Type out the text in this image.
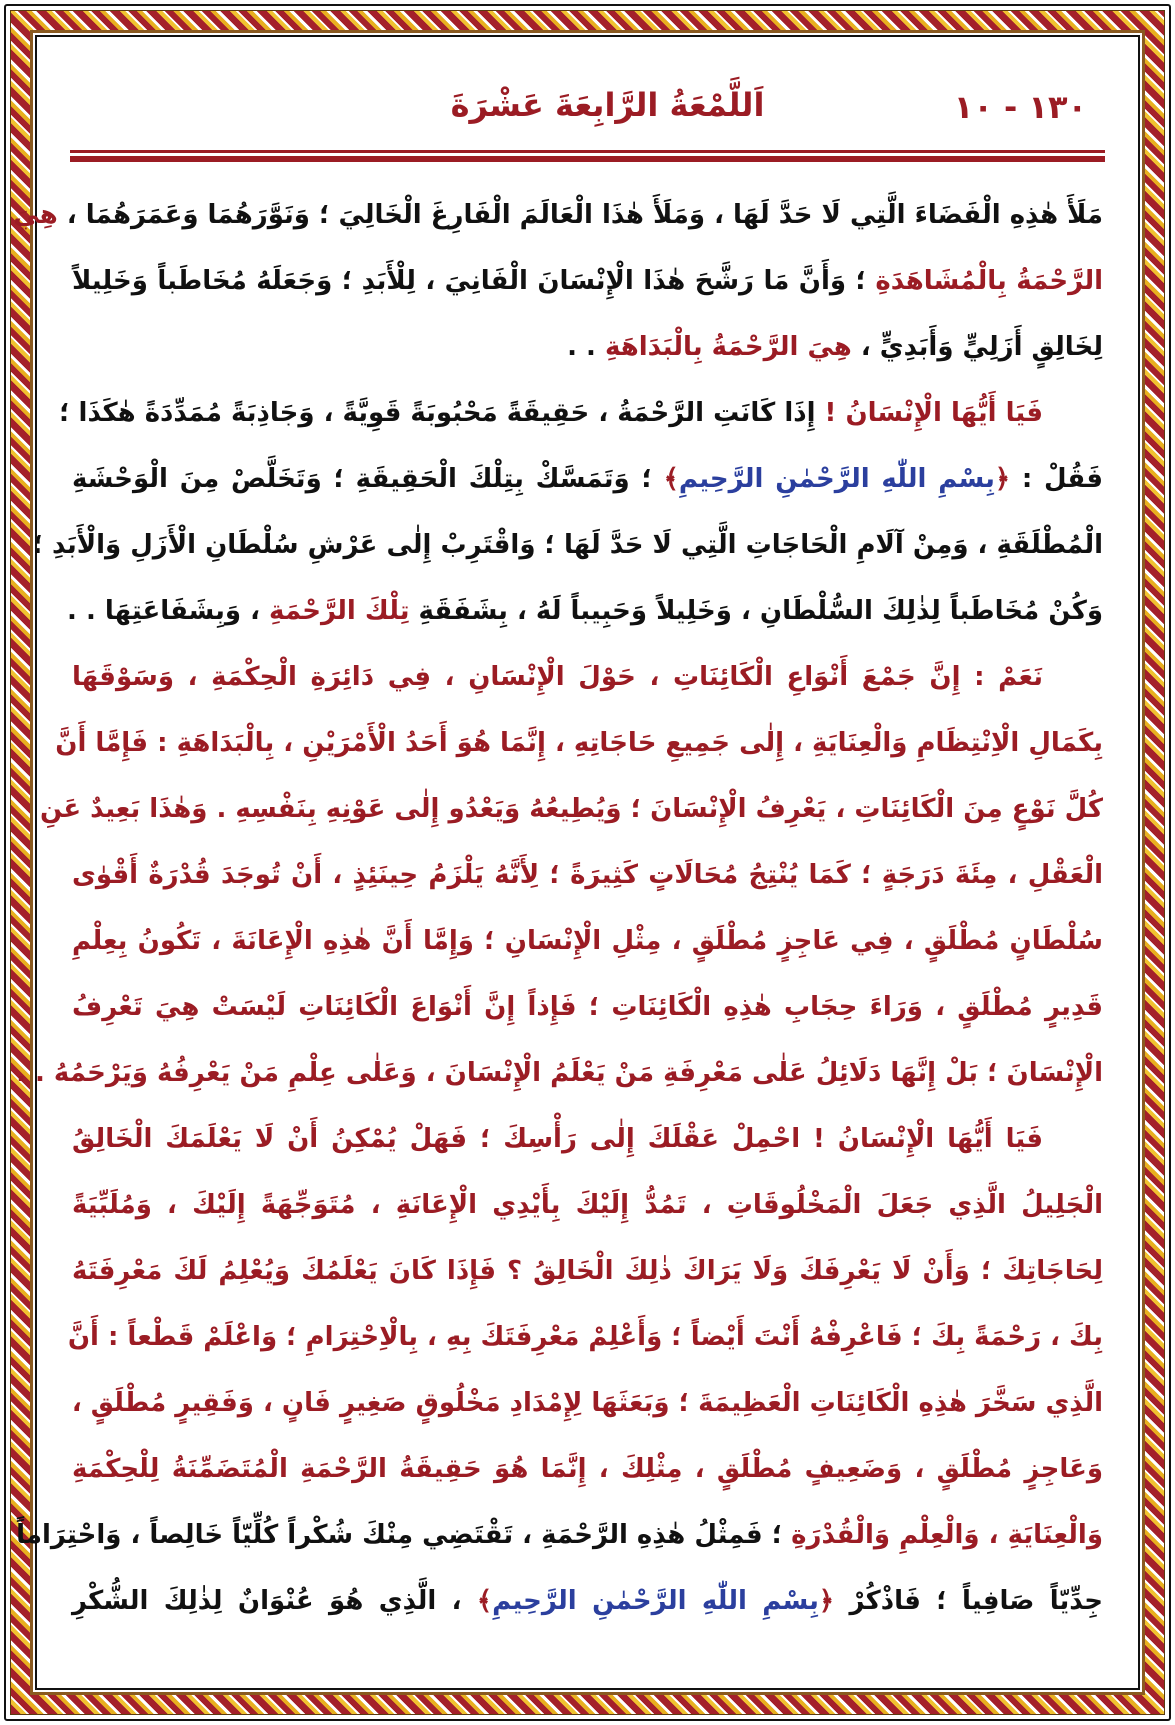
١٣٠ - ١٠
اَللَّمْعَةُ الرَّابِعَةَ عَشْرَةَ
مَلَأَ هٰذِهِ الْفَضَاءَ الَّتِي لَا حَدَّ لَهَا ، وَمَلَأَ هٰذَا الْعَالَمَ الْفَارِغَ الْخَالِيَ ؛ وَنَوَّرَهُمَا وَعَمَرَهُمَا ، هِيَ
الرَّحْمَةُ بِالْمُشَاهَدَةِ ؛ وَأَنَّ مَا رَشَّحَ هٰذَا الْإِنْسَانَ الْفَانِيَ ، لِلْأَبَدِ ؛ وَجَعَلَهُ مُخَاطَباً وَخَلِيلاً
لِخَالِقٍ أَزَلِيٍّ وَأَبَدِيٍّ ، هِيَ الرَّحْمَةُ بِالْبَدَاهَةِ . .
فَيَا أَيُّهَا الْإِنْسَانُ ! إِذَا كَانَتِ الرَّحْمَةُ ، حَقِيقَةً مَحْبُوبَةً قَوِيَّةً ، وَجَاذِبَةً مُمَدِّدَةً هٰكَذَا ؛
فَقُلْ : ﴿بِسْمِ اللّٰهِ الرَّحْمٰنِ الرَّحِيمِ﴾ ؛ وَتَمَسَّكْ بِتِلْكَ الْحَقِيقَةِ ؛ وَتَخَلَّصْ مِنَ الْوَحْشَةِ
الْمُطْلَقَةِ ، وَمِنْ آلَامِ الْحَاجَاتِ الَّتِي لَا حَدَّ لَهَا ؛ وَاقْتَرِبْ إِلٰى عَرْشِ سُلْطَانِ الْأَزَلِ وَالْأَبَدِ ؛
وَكُنْ مُخَاطَباً لِذٰلِكَ السُّلْطَانِ ، وَخَلِيلاً وَحَبِيباً لَهُ ، بِشَفَقَةِ تِلْكَ الرَّحْمَةِ ، وَبِشَفَاعَتِهَا . .
نَعَمْ : إِنَّ جَمْعَ أَنْوَاعِ الْكَائِنَاتِ ، حَوْلَ الْإِنْسَانِ ، فِي دَائِرَةِ الْحِكْمَةِ ، وَسَوْقَهَا
بِكَمَالِ الْاِنْتِظَامِ وَالْعِنَايَةِ ، إِلٰى جَمِيعِ حَاجَاتِهِ ، إِنَّمَا هُوَ أَحَدُ الْأَمْرَيْنِ ، بِالْبَدَاهَةِ : فَإِمَّا أَنَّ
كُلَّ نَوْعٍ مِنَ الْكَائِنَاتِ ، يَعْرِفُ الْإِنْسَانَ ؛ وَيُطِيعُهُ وَيَعْدُو إِلٰى عَوْنِهِ بِنَفْسِهِ . وَهٰذَا بَعِيدٌ عَنِ
الْعَقْلِ ، مِئَةَ دَرَجَةٍ ؛ كَمَا يُنْتِجُ مُحَالَاتٍ كَثِيرَةً ؛ لِأَنَّهُ يَلْزَمُ حِينَئِذٍ ، أَنْ تُوجَدَ قُدْرَةٌ أَقْوٰى
سُلْطَانٍ مُطْلَقٍ ، فِي عَاجِزٍ مُطْلَقٍ ، مِثْلِ الْإِنْسَانِ ؛ وَإِمَّا أَنَّ هٰذِهِ الْإِعَانَةَ ، تَكُونُ بِعِلْمِ
قَدِيرٍ مُطْلَقٍ ، وَرَاءَ حِجَابِ هٰذِهِ الْكَائِنَاتِ ؛ فَإِذاً إِنَّ أَنْوَاعَ الْكَائِنَاتِ لَيْسَتْ هِيَ تَعْرِفُ
الْإِنْسَانَ ؛ بَلْ إِنَّهَا دَلَائِلُ عَلٰى مَعْرِفَةِ مَنْ يَعْلَمُ الْإِنْسَانَ ، وَعَلٰى عِلْمِ مَنْ يَعْرِفُهُ وَيَرْحَمُهُ . .
فَيَا أَيُّهَا الْإِنْسَانُ ! احْمِلْ عَقْلَكَ إِلٰى رَأْسِكَ ؛ فَهَلْ يُمْكِنُ أَنْ لَا يَعْلَمَكَ الْخَالِقُ
الْجَلِيلُ الَّذِي جَعَلَ الْمَخْلُوقَاتِ ، تَمُدُّ إِلَيْكَ بِأَيْدِي الْإِعَانَةِ ، مُتَوَجِّهَةً إِلَيْكَ ، وَمُلَبِّيَةً
لِحَاجَاتِكَ ؛ وَأَنْ لَا يَعْرِفَكَ وَلَا يَرَاكَ ذٰلِكَ الْخَالِقُ ؟ فَإِذَا كَانَ يَعْلَمُكَ وَيُعْلِمُ لَكَ مَعْرِفَتَهُ
بِكَ ، رَحْمَةً بِكَ ؛ فَاعْرِفْهُ أَنْتَ أَيْضاً ؛ وَأَعْلِمْ مَعْرِفَتَكَ بِهِ ، بِالْاِحْتِرَامِ ؛ وَاعْلَمْ قَطْعاً : أَنَّ
الَّذِي سَخَّرَ هٰذِهِ الْكَائِنَاتِ الْعَظِيمَةَ ؛ وَبَعَثَهَا لِإِمْدَادِ مَخْلُوقٍ صَغِيرٍ فَانٍ ، وَفَقِيرٍ مُطْلَقٍ ،
وَعَاجِزٍ مُطْلَقٍ ، وَضَعِيفٍ مُطْلَقٍ ، مِثْلِكَ ، إِنَّمَا هُوَ حَقِيقَةُ الرَّحْمَةِ الْمُتَضَمِّنَةُ لِلْحِكْمَةِ
وَالْعِنَايَةِ ، وَالْعِلْمِ وَالْقُدْرَةِ ؛ فَمِثْلُ هٰذِهِ الرَّحْمَةِ ، تَقْتَضِي مِنْكَ شُكْراً كُلِّيّاً خَالِصاً ، وَاحْتِرَاماً
جِدِّيّاً صَافِياً ؛ فَاذْكُرْ ﴿بِسْمِ اللّٰهِ الرَّحْمٰنِ الرَّحِيمِ﴾ ، الَّذِي هُوَ عُنْوَانٌ لِذٰلِكَ الشُّكْرِ
